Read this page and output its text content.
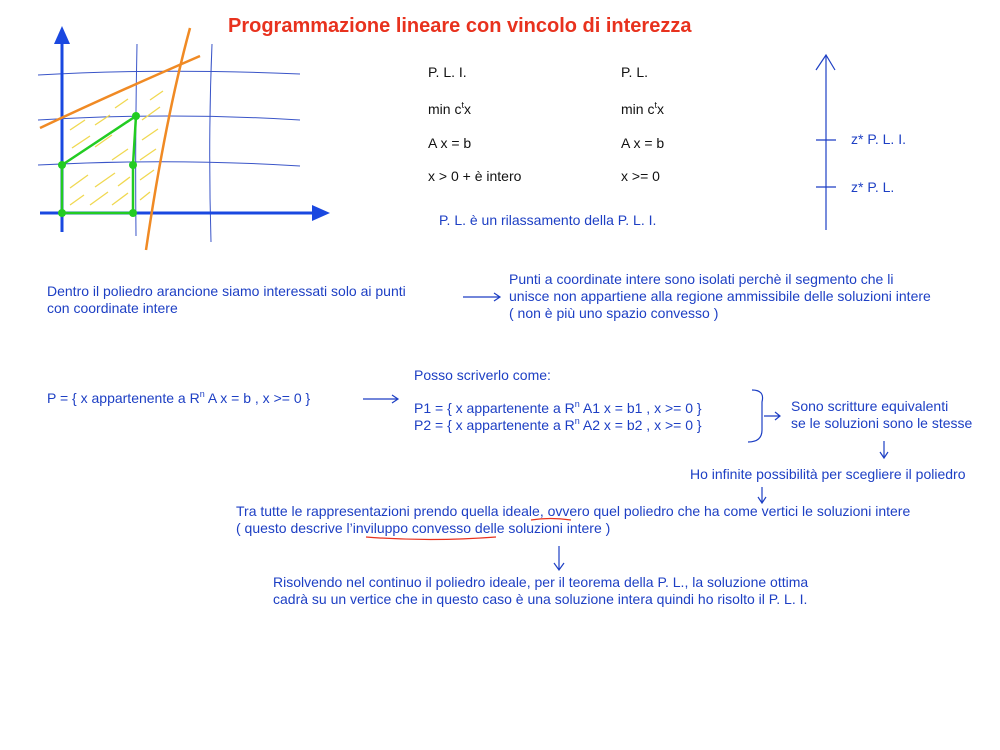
Programmazione lineare con vincolo di interezza
P. L. I.
$\min c^tx$
A x = b
x > 0 + è intero
P. L.
$\min c^tx$
A x = b
x >= 0
P. L. è un rilassamento della P. L. I.
z* P. L. I.
z* P. L.
Dentro il poliedro arancione siamo interessati solo ai punti
con coordinate intere
Punti a coordinate intere sono isolati perchè il segmento che li
unisce non appartiene alla regione ammissibile delle soluzioni intere
( non è più uno spazio convesso )
P = { x appartenente a $R^n$ A x = b , x >= 0 }
Posso scriverlo come:
P1 = { x appartenente a $R^n$ A1 x = b1 , x >= 0 }
P2 = { x appartenente a $R^n$ A2 x = b2 , x >= 0 }
Sono scritture equivalenti
se le soluzioni sono le stesse
Ho infinite possibilità per scegliere il poliedro
Tra tutte le rappresentazioni prendo quella ideale, ovvero quel poliedro che ha come vertici le soluzioni intere
( questo descrive l’inviluppo convesso delle soluzioni intere )
Risolvendo nel continuo il poliedro ideale, per il teorema della P. L., la soluzione ottima
cadrà su un vertice che in questo caso è una soluzione intera quindi ho risolto il P. L. I.
